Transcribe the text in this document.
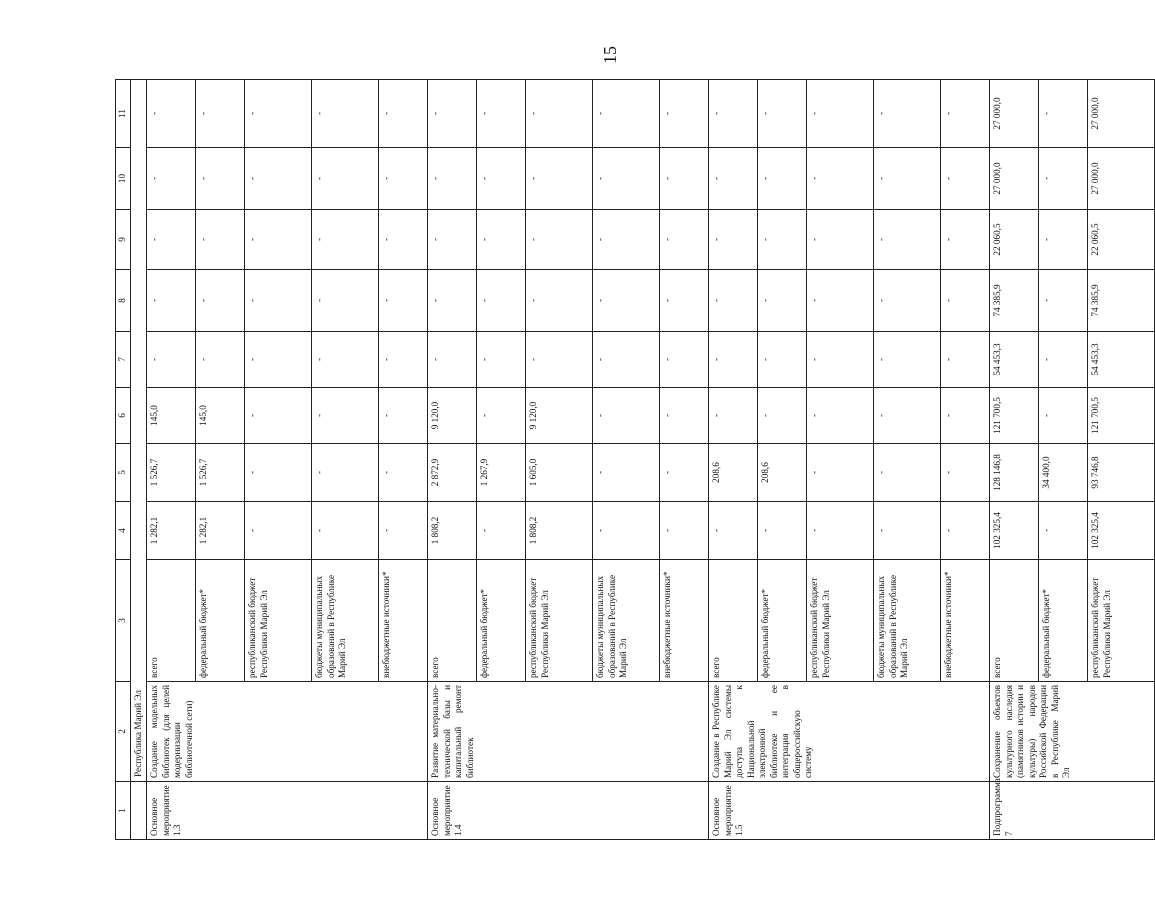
15
1	2	3	4	5	6	7	8	9	10	11
	Республика Марий Эл									
Основное мероприятие 1.3	Создание модельных библиотек (для целей модернизации библиотечной сети)	всего	1 282,1	1 526,7	145,0	-	-	-	-	-
		федеральный бюджет*	1 282,1	1 526,7	145,0	-	-	-	-	-
		республиканский бюджет Республики Марий Эл	-	-	-	-	-	-	-	-
		бюджеты муниципальных образований в Республике Марий Эл	-	-	-	-	-	-	-	-
		внебюджетные источники*	-	-	-	-	-	-	-	-
Основное мероприятие 1.4	Развитие материально-технической базы и капитальный ремонт библиотек	всего	1 808,2	2 872,9	9 120,0	-	-	-	-	-
		федеральный бюджет*	-	1 267,9	-	-	-	-	-	-
		республиканский бюджет Республики Марий Эл	1 808,2	1 605,0	9 120,0	-	-	-	-	-
		бюджеты муниципальных образований в Республике Марий Эл	-	-	-	-	-	-	-	-
		внебюджетные источники*	-	-	-	-	-	-	-	-
Основное мероприятие 1.5	Создание в Республике Марий Эл системы доступа к Национальной электронной библиотеке и ее интеграция в общероссийскую систему	всего	-	208,6	-	-	-	-	-	-
		федеральный бюджет*	-	208,6	-	-	-	-	-	-
		республиканский бюджет Республики Марий Эл	-	-	-	-	-	-	-	-
		бюджеты муниципальных образований в Республике Марий Эл	-	-	-	-	-	-	-	-
		внебюджетные источники*	-	-	-	-	-	-	-	-
Подпрограмма 7	Сохранение объектов культурного наследия (памятников истории и культуры) народов Российской Федерации в Республике Марий Эл	всего	102 325,4	128 146,8	121 700,5	54 453,3	74 385,9	22 060,5	27 000,0	27 000,0
		федеральный бюджет*	-	34 400,0	-	-	-	-	-	-
		республиканский бюджет Республики Марий Эл	102 325,4	93 746,8	121 700,5	54 453,3	74 385,9	22 060,5	27 000,0	27 000,0
